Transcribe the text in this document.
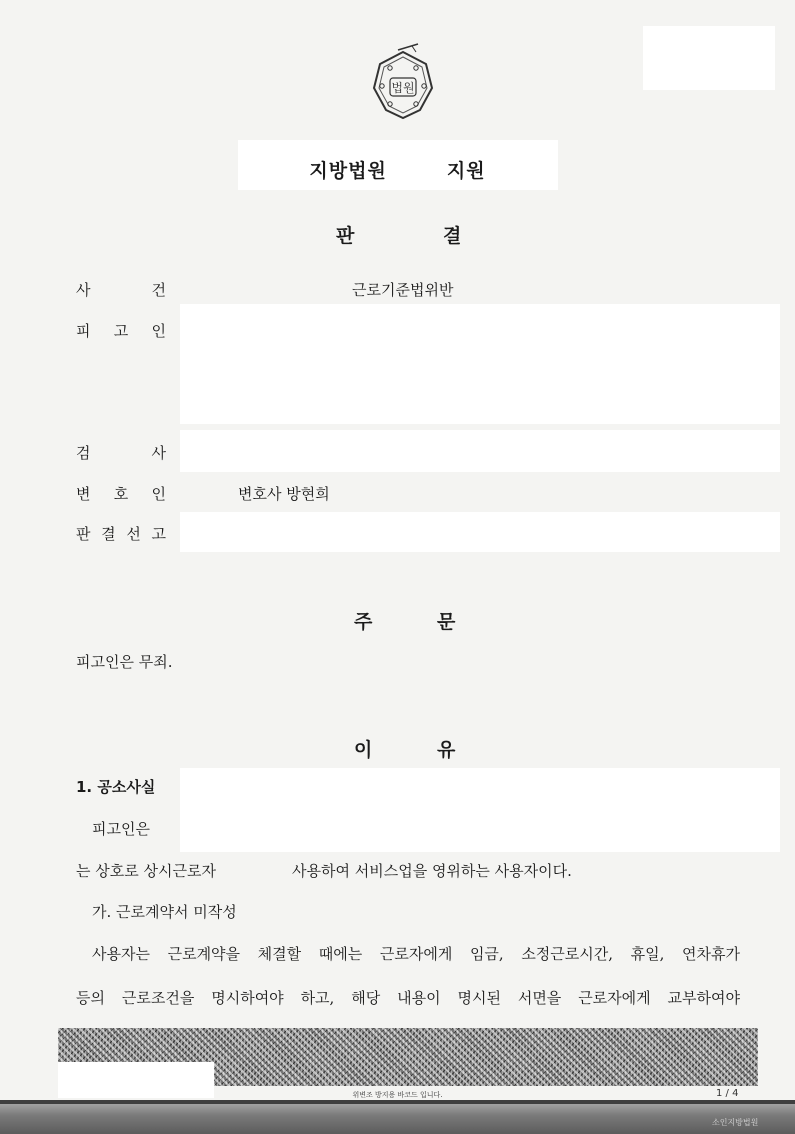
법원
지방법원	지원
판	결
사	건	근로기준법위반
피 고 인
검	사
변 호 인	변호사 방현희
판 결 선 고
주	문
피고인은 무죄.
이	유
1. 공소사실
피고인은
는 상호로 상시근로자	사용하여 서비스업을 영위하는 사용자이다.
가. 근로계약서 미작성
사용자는 근로계약을 체결할 때에는 근로자에게 임금, 소정근로시간, 휴일, 연차휴가
등의 근로조건을 명시하여야 하고, 해당 내용이 명시된 서면을 근로자에게 교부하여야
위변조 방지용 바코드 입니다.	1 / 4
소인지방법원
